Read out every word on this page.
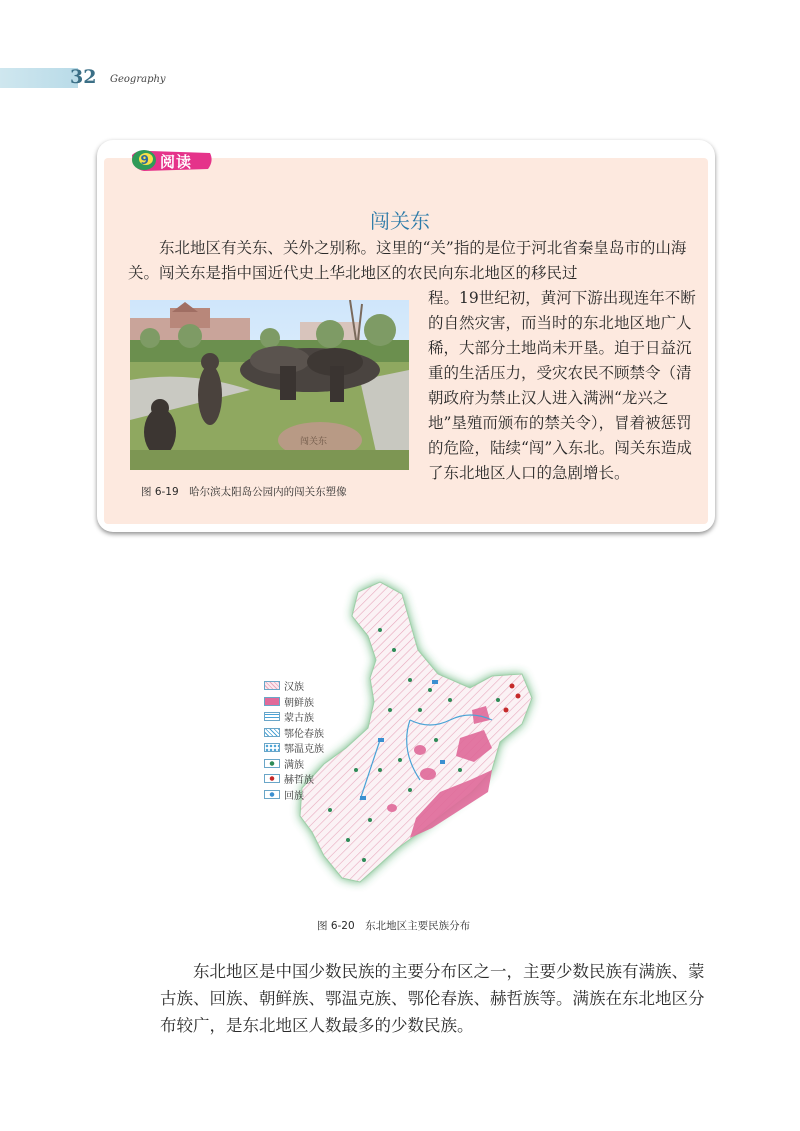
32 Geography
9 阅读
闯关东

东北地区有关东、关外之别称。这里的“关”指的是位于河北省秦皇岛市的山海关。闯关东是指中国近代史上华北地区的农民向东北地区的移民过

闯关东
图 6-19　哈尔滨太阳岛公园内的闯关东塑像

程。19世纪初，黄河下游出现连年不断的自然灾害，而当时的东北地区地广人稀，大部分土地尚未开垦。迫于日益沉重的生活压力，受灾农民不顾禁令（清朝政府为禁止汉人进入满洲“龙兴之地”垦殖而颁布的禁关令），冒着被惩罚的危险，陆续“闯”入东北。闯关东造成了东北地区人口的急剧增长。

汉族
朝鲜族
蒙古族
鄂伦春族
鄂温克族
满族
赫哲族
回族
图 6-20　东北地区主要民族分布

东北地区是中国少数民族的主要分布区之一，主要少数民族有满族、蒙古族、回族、朝鲜族、鄂温克族、鄂伦春族、赫哲族等。满族在东北地区分布较广，是东北地区人数最多的少数民族。
